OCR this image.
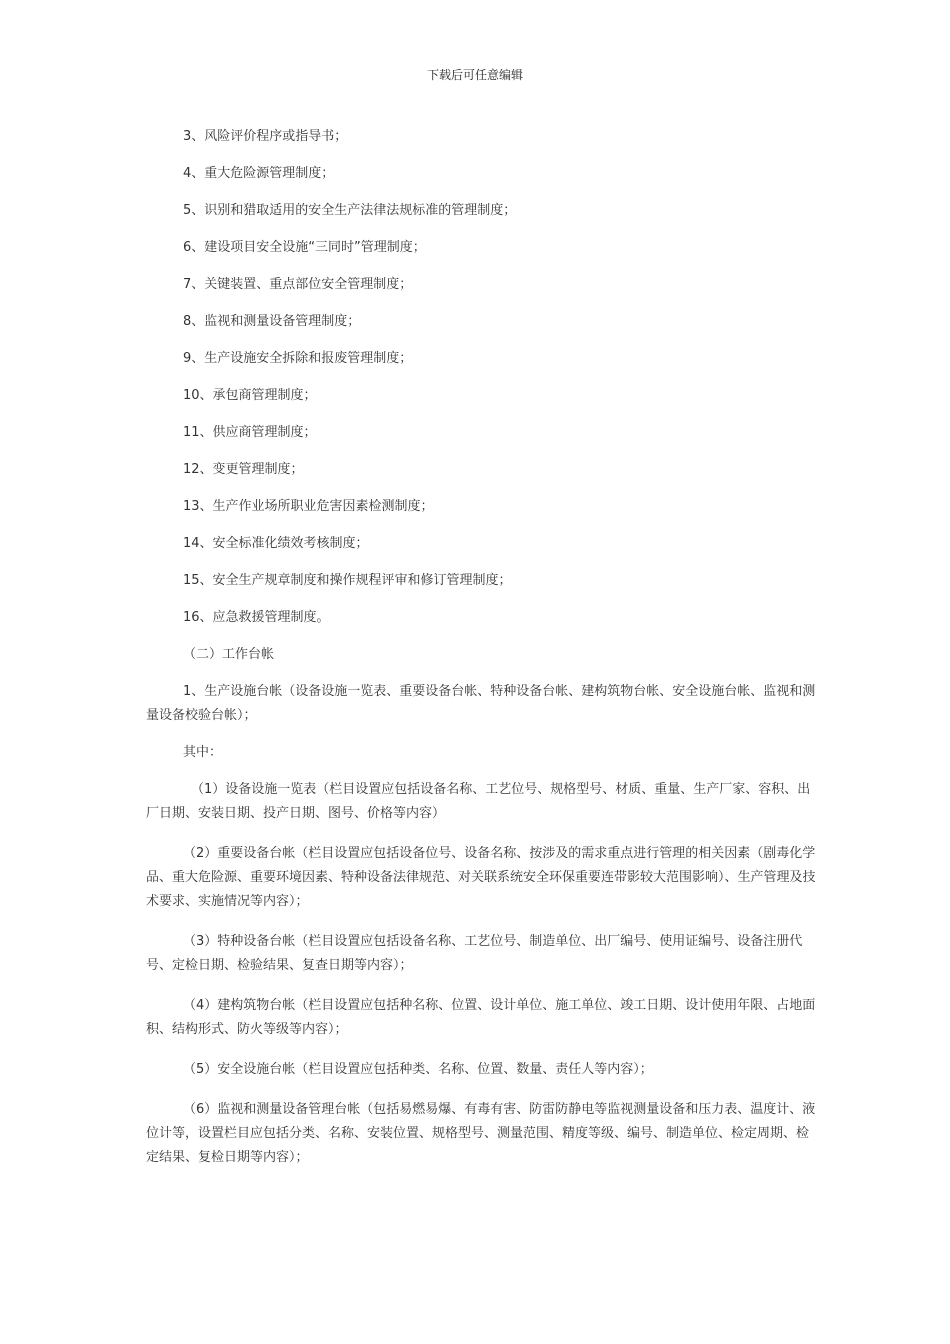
下载后可任意编辑

3、风险评价程序或指导书；

4、重大危险源管理制度；

5、识别和猎取适用的安全生产法律法规标准的管理制度；

6、建设项目安全设施“三同时”管理制度；

7、关键装置、重点部位安全管理制度；

8、监视和测量设备管理制度；

9、生产设施安全拆除和报废管理制度；

10、承包商管理制度；

11、供应商管理制度；

12、变更管理制度；

13、生产作业场所职业危害因素检测制度；

14、安全标准化绩效考核制度；

15、安全生产规章制度和操作规程评审和修订管理制度；

16、应急救援管理制度。

（二）工作台帐

1、生产设施台帐（设备设施一览表、重要设备台帐、特种设备台帐、建构筑物台帐、安全设施台帐、监视和测量设备校验台帐）；

其中：

（1）设备设施一览表（栏目设置应包括设备名称、工艺位号、规格型号、材质、重量、生产厂家、容积、出厂日期、安装日期、投产日期、图号、价格等内容）

（2）重要设备台帐（栏目设置应包括设备位号、设备名称、按涉及的需求重点进行管理的相关因素（剧毒化学品、重大危险源、重要环境因素、特种设备法律规范、对关联系统安全环保重要连带影较大范围影响）、生产管理及技术要求、实施情况等内容）；

（3）特种设备台帐（栏目设置应包括设备名称、工艺位号、制造单位、出厂编号、使用证编号、设备注册代号、定检日期、检验结果、复查日期等内容）；

（4）建构筑物台帐（栏目设置应包括种名称、位置、设计单位、施工单位、竣工日期、设计使用年限、占地面积、结构形式、防火等级等内容）；

（5）安全设施台帐（栏目设置应包括种类、名称、位置、数量、责任人等内容）；

（6）监视和测量设备管理台帐（包括易燃易爆、有毒有害、防雷防静电等监视测量设备和压力表、温度计、液位计等，设置栏目应包括分类、名称、安装位置、规格型号、测量范围、精度等级、编号、制造单位、检定周期、检定结果、复检日期等内容）；
